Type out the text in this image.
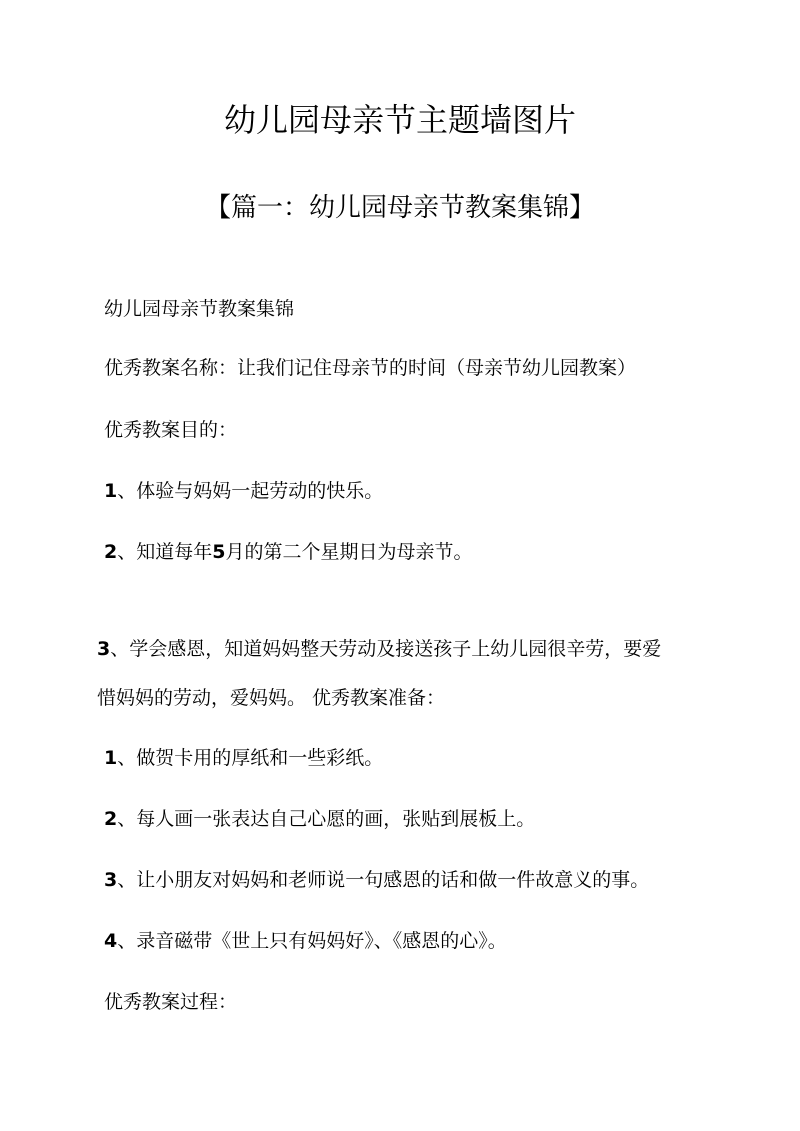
幼儿园母亲节主题墙图片
【篇一：幼儿园母亲节教案集锦】
幼儿园母亲节教案集锦
优秀教案名称：让我们记住母亲节的时间（母亲节幼儿园教案）
优秀教案目的：
1、体验与妈妈一起劳动的快乐。
2、知道每年5月的第二个星期日为母亲节。
3、学会感恩，知道妈妈整天劳动及接送孩子上幼儿园很辛劳，要爱
惜妈妈的劳动，爱妈妈。 优秀教案准备：
1、做贺卡用的厚纸和一些彩纸。
2、每人画一张表达自己心愿的画，张贴到展板上。
3、让小朋友对妈妈和老师说一句感恩的话和做一件故意义的事。
4、录音磁带《世上只有妈妈好》、《感恩的心》。
优秀教案过程：
